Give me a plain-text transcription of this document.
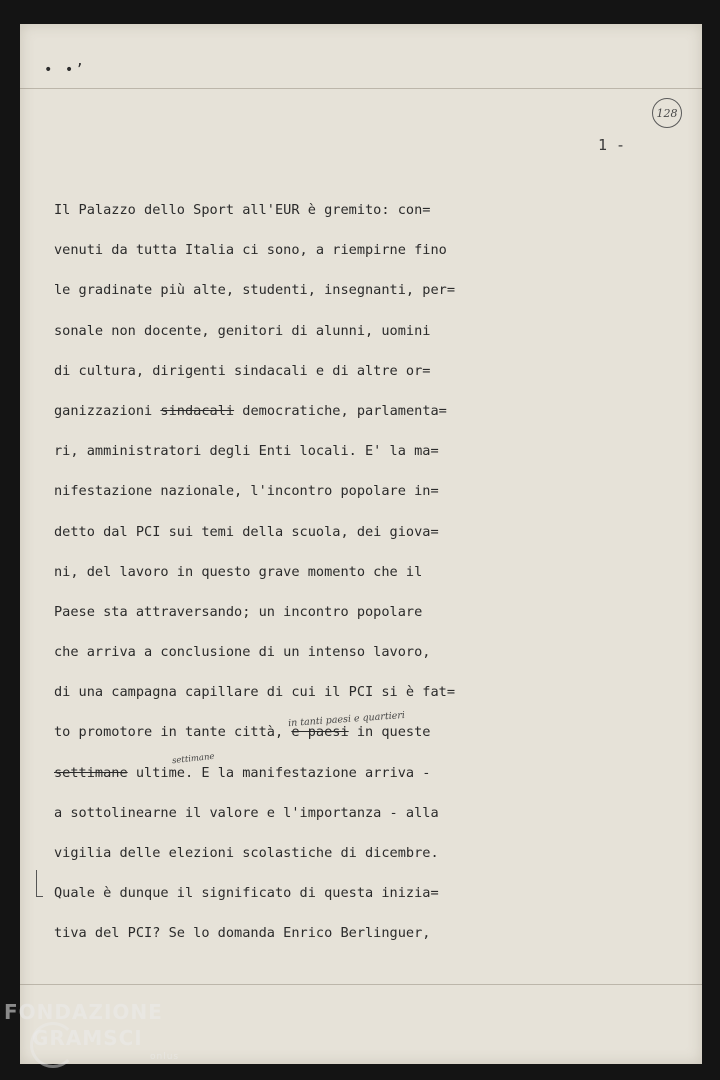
• •’
128
1 -
Il Palazzo dello Sport all'EUR è gremito: con=
venuti da tutta Italia ci sono, a riempirne fino
le gradinate più alte, studenti, insegnanti, per=
sonale non docente, genitori di alunni, uomini
di cultura, dirigenti sindacali e di altre or=
ganizzazioni sindacali democratiche, parlamenta=
ri, amministratori degli Enti locali. E' la ma=
nifestazione nazionale, l'incontro popolare in=
detto dal PCI sui temi della scuola, dei giova=
ni, del lavoro in questo grave momento che il
Paese sta attraversando; un incontro popolare
che arriva a conclusione di un intenso lavoro,
di una campagna capillare di cui il PCI si è fat=
to promotore in tante città, e paesi in queste
settimane ultime. E la manifestazione arriva -
a sottolinearne il valore e l'importanza - alla
vigilia delle elezioni scolastiche di dicembre.
Quale è dunque il significato di questa inizia=
tiva del PCI? Se lo domanda Enrico Berlinguer,
in tanti paesi e quartieri
settimane
FONDAZIONE
GRAMSCI
onlus
